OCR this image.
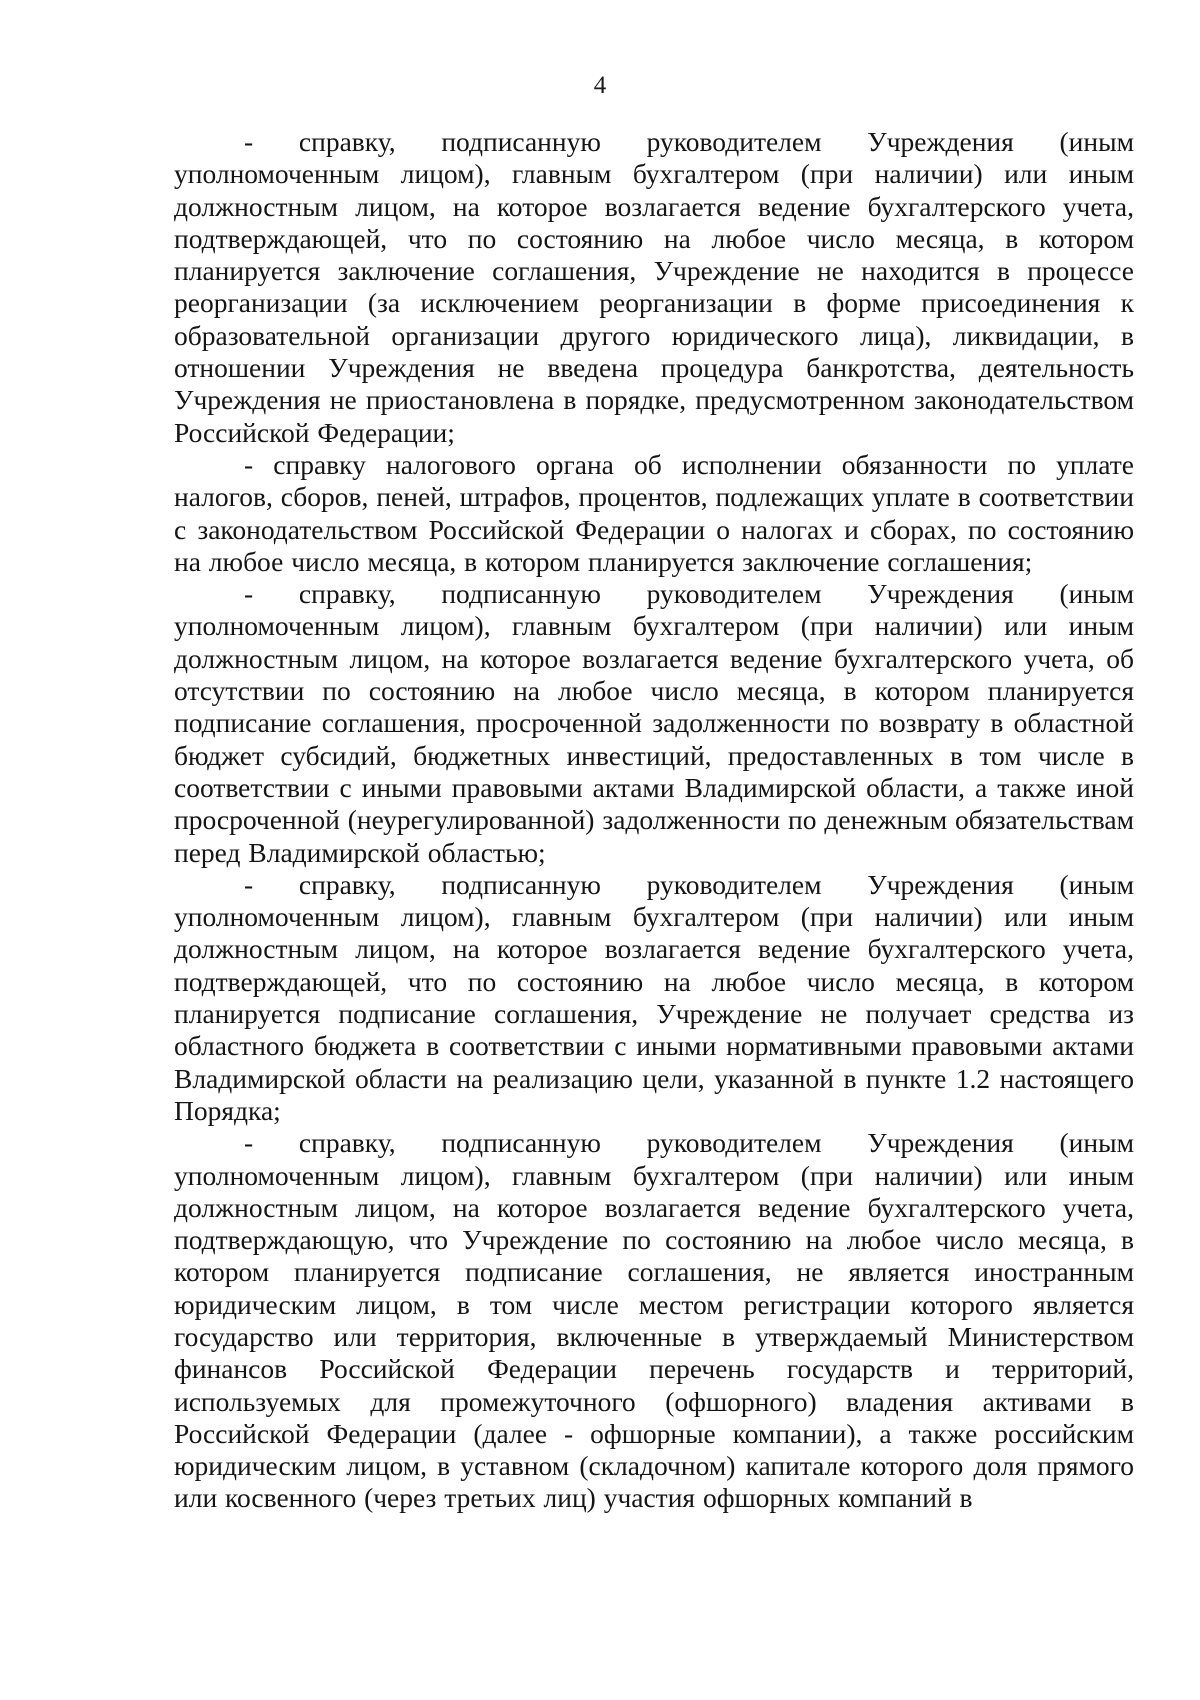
4

- справку, подписанную руководителем Учреждения (иным уполномоченным лицом), главным бухгалтером (при наличии) или иным должностным лицом, на которое возлагается ведение бухгалтерского учета, подтверждающей, что по состоянию на любое число месяца, в котором планируется заключение соглашения, Учреждение не находится в процессе реорганизации (за исключением реорганизации в форме присоединения к образовательной организации другого юридического лица), ликвидации, в отношении Учреждения не введена процедура банкротства, деятельность Учреждения не приостановлена в порядке, предусмотренном законодательством Российской Федерации;

- справку налогового органа об исполнении обязанности по уплате налогов, сборов, пеней, штрафов, процентов, подлежащих уплате в соответствии с законодательством Российской Федерации о налогах и сборах, по состоянию на любое число месяца, в котором планируется заключение соглашения;

- справку, подписанную руководителем Учреждения (иным уполномоченным лицом), главным бухгалтером (при наличии) или иным должностным лицом, на которое возлагается ведение бухгалтерского учета, об отсутствии по состоянию на любое число месяца, в котором планируется подписание соглашения, просроченной задолженности по возврату в областной бюджет субсидий, бюджетных инвестиций, предоставленных в том числе в соответствии с иными правовыми актами Владимирской области, а также иной просроченной (неурегулированной) задолженности по денежным обязательствам перед Владимирской областью;

- справку, подписанную руководителем Учреждения (иным уполномоченным лицом), главным бухгалтером (при наличии) или иным должностным лицом, на которое возлагается ведение бухгалтерского учета, подтверждающей, что по состоянию на любое число месяца, в котором планируется подписание соглашения, Учреждение не получает средства из областного бюджета в соответствии с иными нормативными правовыми актами Владимирской области на реализацию цели, указанной в пункте 1.2 настоящего Порядка;

- справку, подписанную руководителем Учреждения (иным уполномоченным лицом), главным бухгалтером (при наличии) или иным должностным лицом, на которое возлагается ведение бухгалтерского учета, подтверждающую, что Учреждение по состоянию на любое число месяца, в котором планируется подписание соглашения, не является иностранным юридическим лицом, в том числе местом регистрации которого является государство или территория, включенные в утверждаемый Министерством финансов Российской Федерации перечень государств и территорий, используемых для промежуточного (офшорного) владения активами в Российской Федерации (далее - офшорные компании), а также российским юридическим лицом, в уставном (складочном) капитале которого доля прямого или косвенного (через третьих лиц) участия офшорных компаний в
